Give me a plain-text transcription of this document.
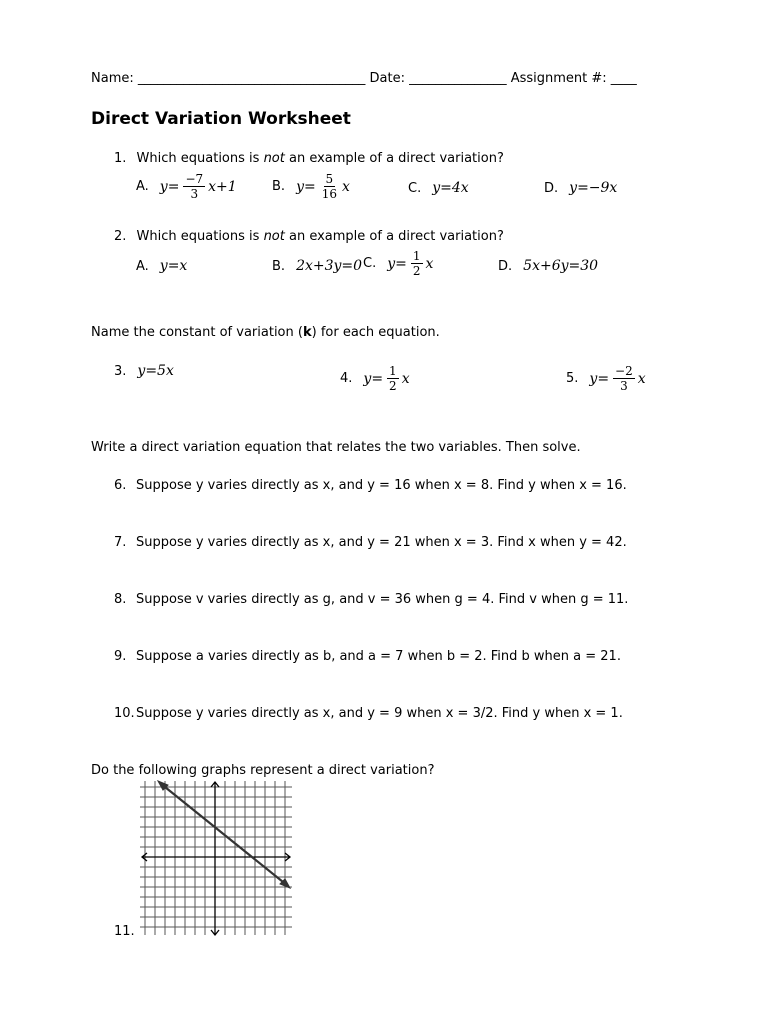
Name: ___________________________________ Date: _______________ Assignment #: ____
Direct Variation Worksheet
1. Which equations is not an example of a direct variation?
A. $y= \frac{-7}{3} x+1$	B. $y= \frac{5}{16}$ x	C. y=4x	D. y=−9x
2. Which equations is not an example of a direct variation?
A. y=x	B. 2x+3y=0 C. $y= \frac{1}{2}$ x	D. 5x+6y=30
Name the constant of variation (k) for each equation.
3. y=5x	4. $y= \frac{1}{2}$ x	5. $y= \frac{-2}{3}$ x
Write a direct variation equation that relates the two variables. Then solve.
6. Suppose y varies directly as x, and y = 16 when x = 8. Find y when x = 16.
7. Suppose y varies directly as x, and y = 21 when x = 3. Find x when y = 42.
8. Suppose v varies directly as g, and v = 36 when g = 4. Find v when g = 11.
9. Suppose a varies directly as b, and a = 7 when b = 2. Find b when a = 21.
10.Suppose y varies directly as x, and y = 9 when x = 3/2. Find y when x = 1.
Do the following graphs represent a direct variation?
11.
